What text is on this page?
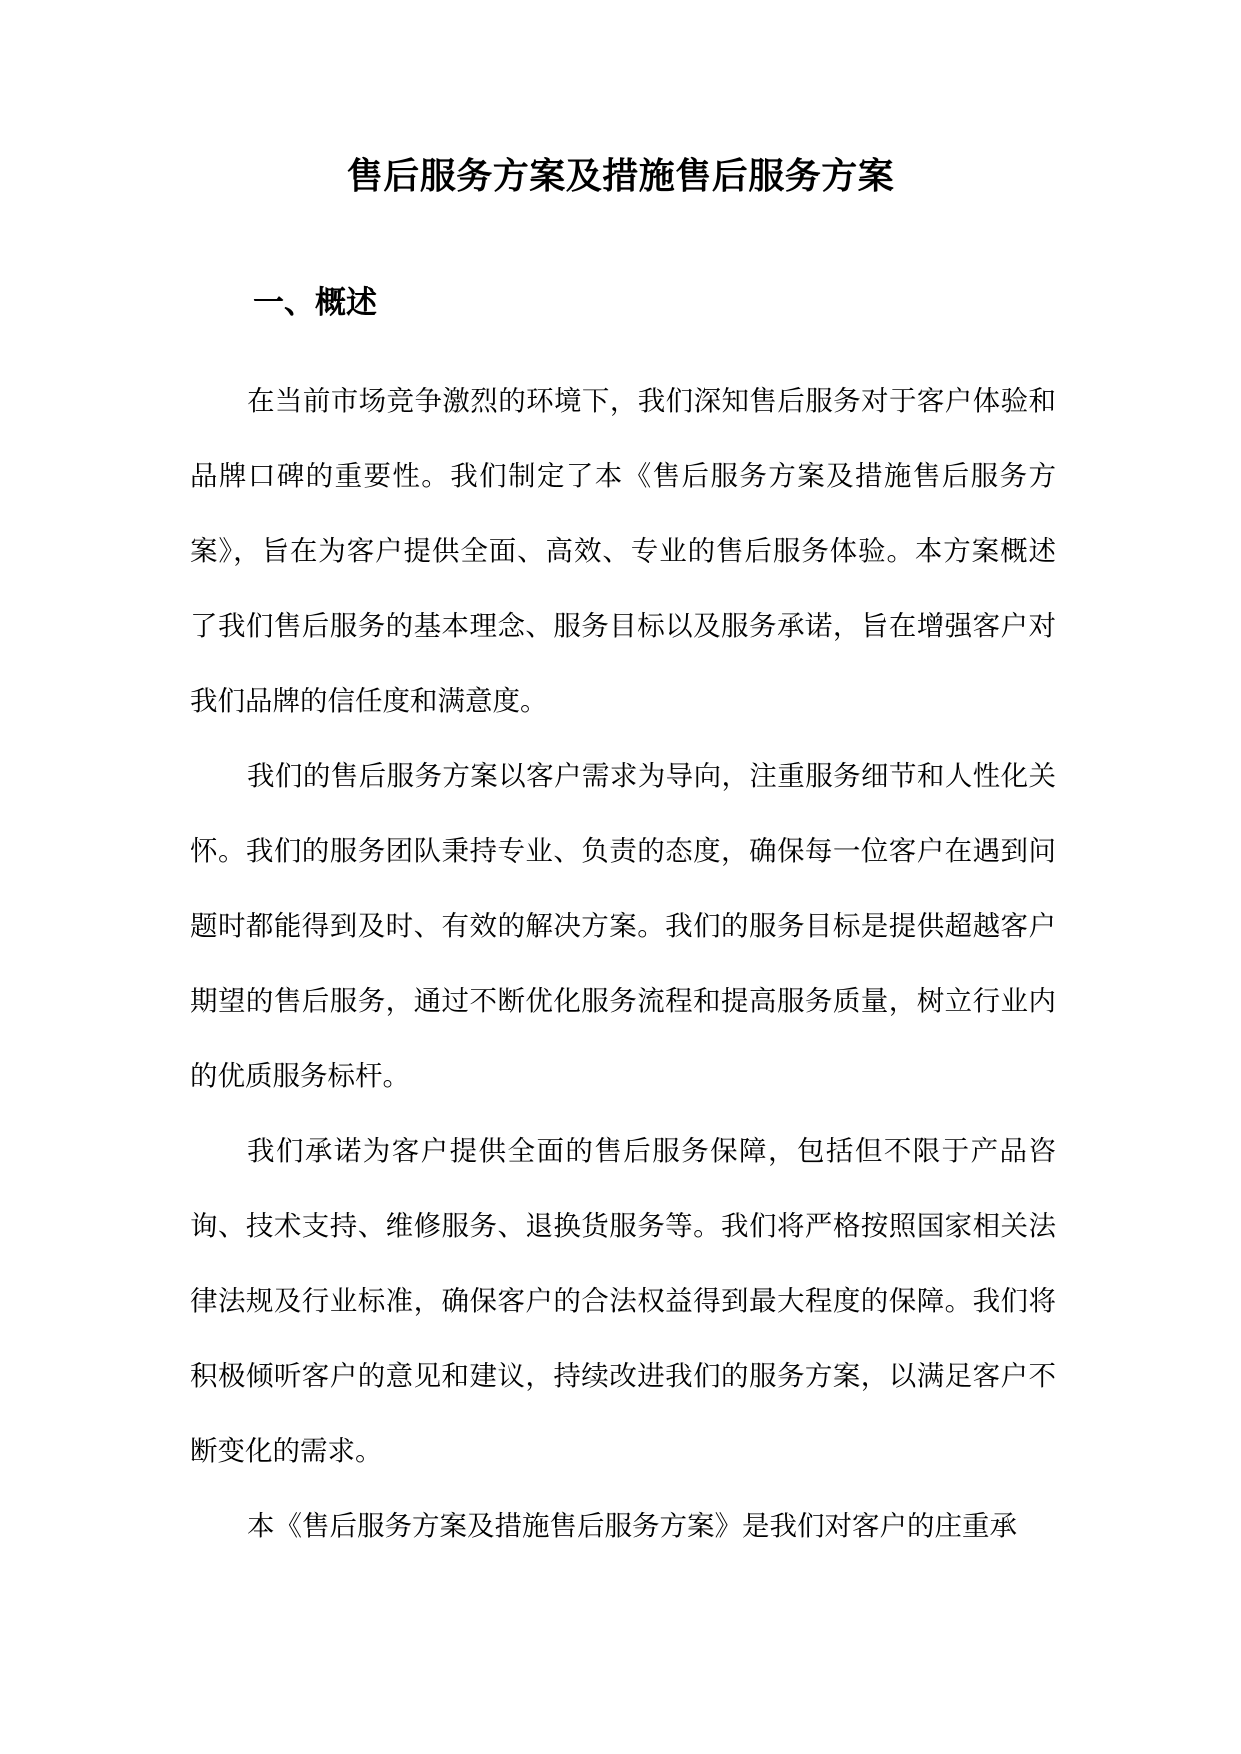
售后服务方案及措施售后服务方案
一、概述

在当前市场竞争激烈的环境下，我们深知售后服务对于客户体验和品牌口碑的重要性。我们制定了本《售后服务方案及措施售后服务方案》，旨在为客户提供全面、高效、专业的售后服务体验。本方案概述了我们售后服务的基本理念、服务目标以及服务承诺，旨在增强客户对我们品牌的信任度和满意度。

我们的售后服务方案以客户需求为导向，注重服务细节和人性化关怀。我们的服务团队秉持专业、负责的态度，确保每一位客户在遇到问题时都能得到及时、有效的解决方案。我们的服务目标是提供超越客户期望的售后服务，通过不断优化服务流程和提高服务质量，树立行业内的优质服务标杆。

我们承诺为客户提供全面的售后服务保障，包括但不限于产品咨询、技术支持、维修服务、退换货服务等。我们将严格按照国家相关法律法规及行业标准，确保客户的合法权益得到最大程度的保障。我们将积极倾听客户的意见和建议，持续改进我们的服务方案，以满足客户不断变化的需求。

本《售后服务方案及措施售后服务方案》是我们对客户的庄重承
